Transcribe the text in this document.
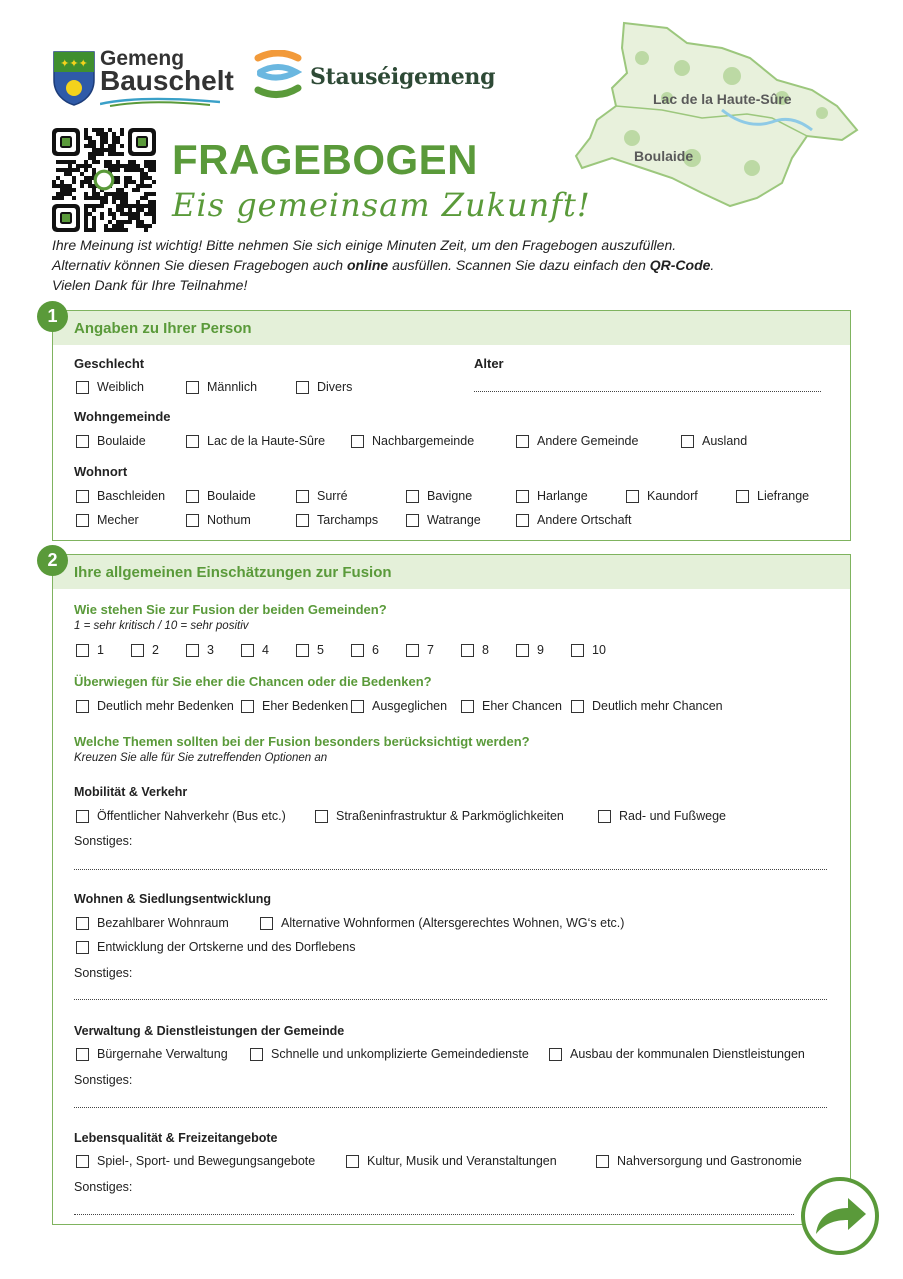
✦✦✦ Gemeng
Bauschelt	Stauséigemeng
Lac de la Haute-Sûre
Boulaide
FRAGEBOGEN
Eis gemeinsam Zukunft!
Ihre Meinung ist wichtig! Bitte nehmen Sie sich einige Minuten Zeit, um den Fragebogen auszufüllen.
Alternativ können Sie diesen Fragebogen auch online ausfüllen. Scannen Sie dazu einfach den QR-Code.
Vielen Dank für Ihre Teilnahme!
1
Angaben zu Ihrer Person
Geschlecht
Weiblich	Männlich	Divers
Alter
Wohngemeinde
Boulaide	Lac de la Haute-Sûre	Nachbargemeinde	Andere Gemeinde	Ausland
Wohnort
Baschleiden	Boulaide	Surré	Bavigne	Harlange	Kaundorf	Liefrange
Mecher	Nothum	Tarchamps	Watrange	Andere Ortschaft
2
Ihre allgemeinen Einschätzungen zur Fusion
Wie stehen Sie zur Fusion der beiden Gemeinden?
1 = sehr kritisch / 10 = sehr positiv
Überwiegen für Sie eher die Chancen oder die Bedenken?
Deutlich mehr Bedenken Eher Bedenken Ausgeglichen	Eher Chancen Deutlich mehr Chancen
Welche Themen sollten bei der Fusion besonders berücksichtigt werden?
Kreuzen Sie alle für Sie zutreffenden Optionen an
Mobilität & Verkehr
Öffentlicher Nahverkehr (Bus etc.)	Straßeninfrastruktur & Parkmöglichkeiten	Rad- und Fußwege
Sonstiges:
Wohnen & Siedlungsentwicklung
Bezahlbarer Wohnraum	Alternative Wohnformen (Altersgerechtes Wohnen, WG‘s etc.)
Entwicklung der Ortskerne und des Dorflebens
Sonstiges:
Verwaltung & Dienstleistungen der Gemeinde
Bürgernahe Verwaltung	Schnelle und unkomplizierte Gemeindedienste	Ausbau der kommunalen Dienstleistungen
Sonstiges:
Lebensqualität & Freizeitangebote
Spiel-, Sport- und Bewegungsangebote	Kultur, Musik und Veranstaltungen	Nahversorgung und Gastronomie
Sonstiges:
1	2	3	4	5	6	7	8	9	10
